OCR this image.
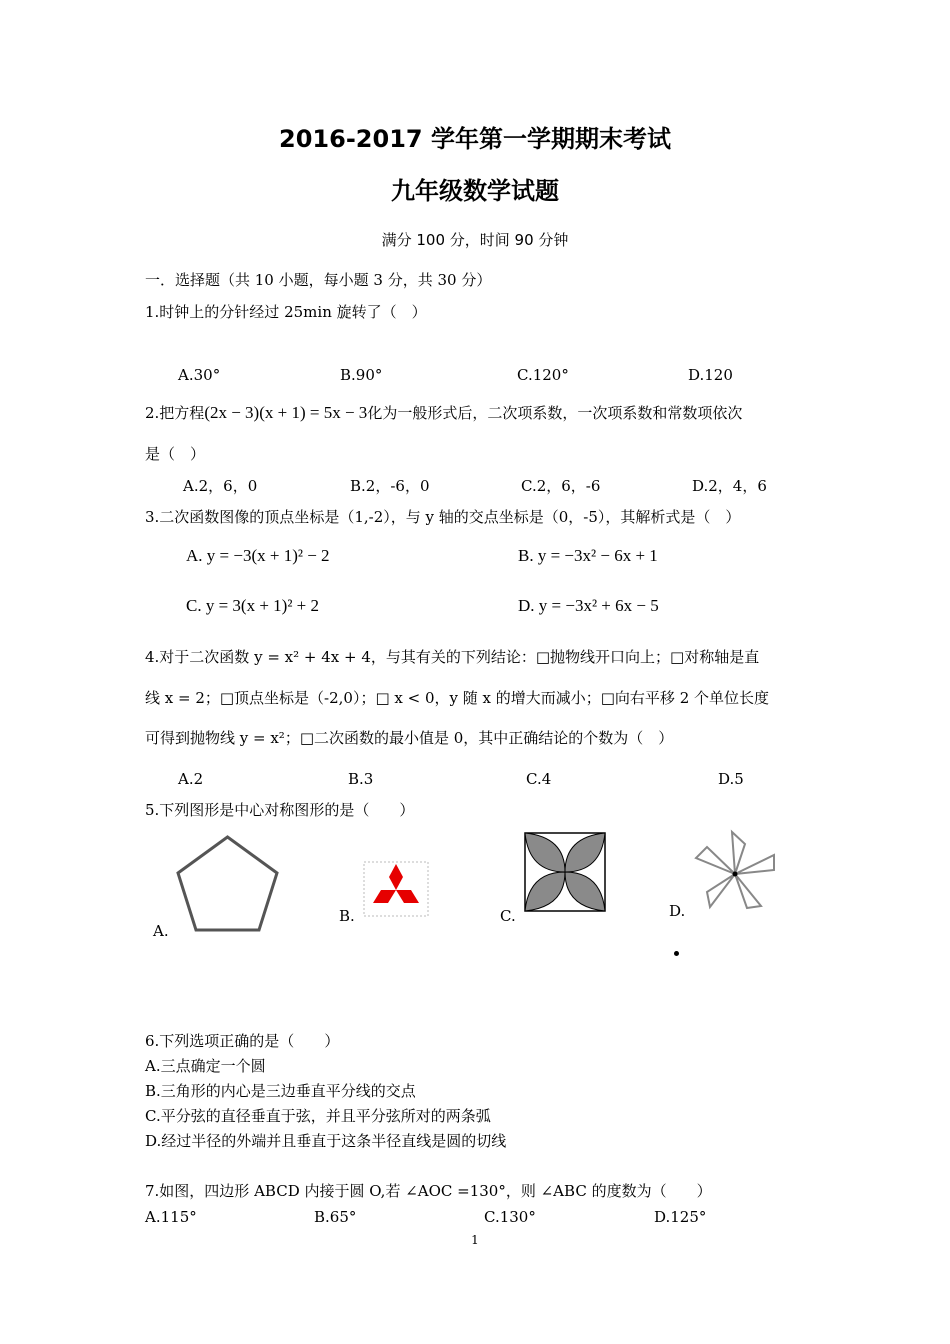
2016-2017 学年第一学期期末考试
九年级数学试题
满分 100 分，时间 90 分钟
一．选择题（共 10 小题，每小题 3 分，共 30 分）
1.时钟上的分针经过 25min 旋转了（　）
A.30°	B.90°	C.120°	D.120
2.把方程(2x − 3)(x + 1) = 5x − 3化为一般形式后，二次项系数，一次项系数和常数项依次
是（　）
A.2，6，0	B.2，-6，0	C.2，6，-6	D.2，4，6
3.二次函数图像的顶点坐标是（1,-2），与 y 轴的交点坐标是（0，-5），其解析式是（　）
A. y = −3(x + 1)² − 2	B. y = −3x² − 6x + 1
C. y = 3(x + 1)² + 2	D. y = −3x² + 6x − 5
4.对于二次函数 y = x² + 4x + 4，与其有关的下列结论：□抛物线开口向上；□对称轴是直
线 x = 2；□顶点坐标是（-2,0）；□ x < 0，y 随 x 的增大而减小；□向右平移 2 个单位长度
可得到抛物线 y = x²；□二次函数的最小值是 0，其中正确结论的个数为（　）
A.2	B.3	C.4	D.5
5.下列图形是中心对称图形的是（　　）
A.
B.	C.	D.
6.下列选项正确的是（　　）
A.三点确定一个圆
B.三角形的内心是三边垂直平分线的交点
C.平分弦的直径垂直于弦，并且平分弦所对的两条弧
D.经过半径的外端并且垂直于这条半径直线是圆的切线
7.如图，四边形 ABCD 内接于圆 O,若 ∠AOC =130°，则 ∠ABC 的度数为（　　）
A.115°	B.65°	C.130°	D.125°
1
